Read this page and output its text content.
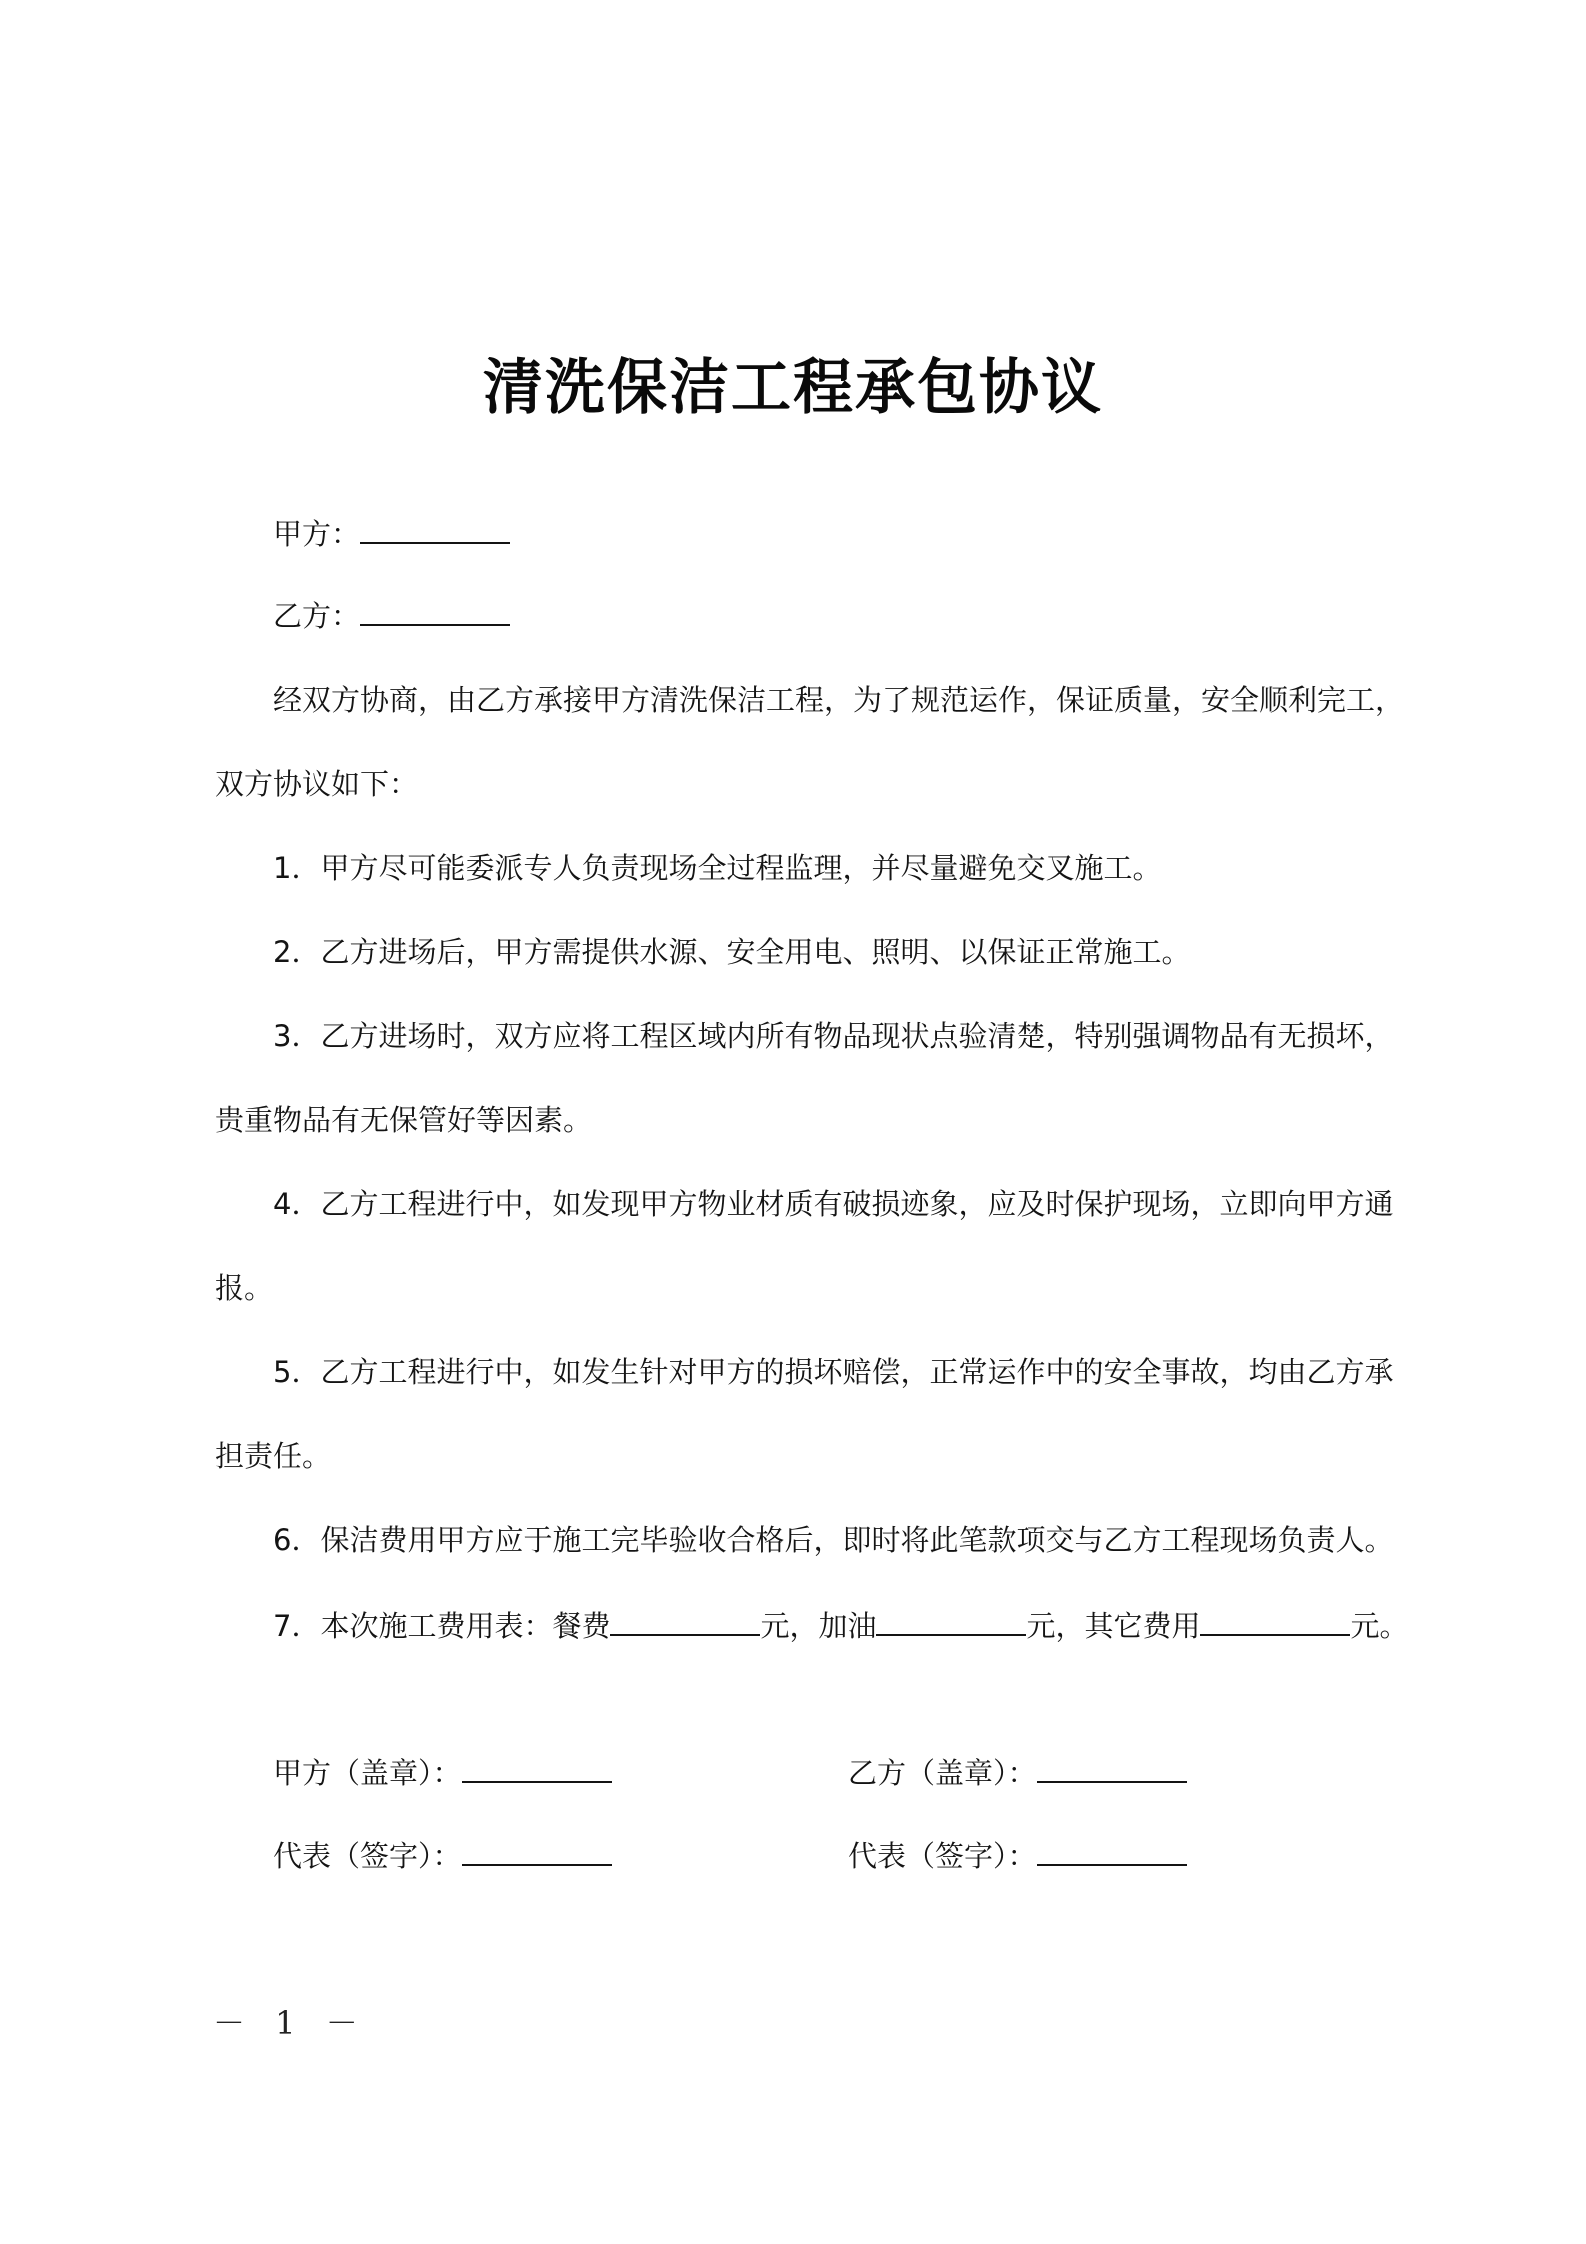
清洗保洁工程承包协议
甲方：
乙方：
经双方协商，由乙方承接甲方清洗保洁工程，为了规范运作，保证质量，安全顺利完工，
双方协议如下：
1．甲方尽可能委派专人负责现场全过程监理，并尽量避免交叉施工。
2．乙方进场后，甲方需提供水源、安全用电、照明、以保证正常施工。
3．乙方进场时，双方应将工程区域内所有物品现状点验清楚，特别强调物品有无损坏，
贵重物品有无保管好等因素。
4．乙方工程进行中，如发现甲方物业材质有破损迹象，应及时保护现场，立即向甲方通
报。
5．乙方工程进行中，如发生针对甲方的损坏赔偿，正常运作中的安全事故，均由乙方承
担责任。
6．保洁费用甲方应于施工完毕验收合格后，即时将此笔款项交与乙方工程现场负责人。
7．本次施工费用表：餐费	元，加油	元，其它费用	元。
甲方（盖章）：	乙方（盖章）：
代表（签字）：	代表（签字）：
－ 1 －
